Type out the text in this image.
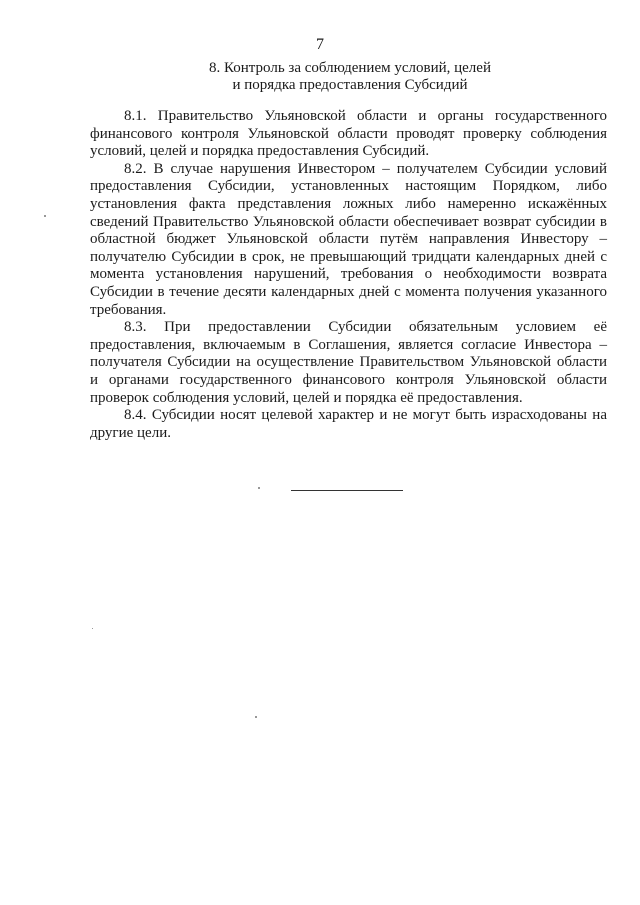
7
8. Контроль за соблюдением условий, целей
и порядка предоставления Субсидий

8.1. Правительство Ульяновской области и органы государственного финансового контроля Ульяновской области проводят проверку соблюдения условий, целей и порядка предоставления Субсидий.

8.2. В случае нарушения Инвестором – получателем Субсидии условий предоставления Субсидии, установленных настоящим Порядком, либо установления факта представления ложных либо намеренно искажённых сведений Правительство Ульяновской области обеспечивает возврат субсидии в областной бюджет Ульяновской области путём направления Инвестору – получателю Субсидии в срок, не превышающий тридцати календарных дней с момента установления нарушений, требования о необходимости возврата Субсидии в течение десяти календарных дней с момента получения указанного требования.

8.3. При предоставлении Субсидии обязательным условием её предоставления, включаемым в Соглашения, является согласие Инвестора – получателя Субсидии на осуществление Правительством Ульяновской области и органами государственного финансового контроля Ульяновской области проверок соблюдения условий, целей и порядка её предоставления.

8.4. Субсидии носят целевой характер и не могут быть израсходованы на другие цели.
